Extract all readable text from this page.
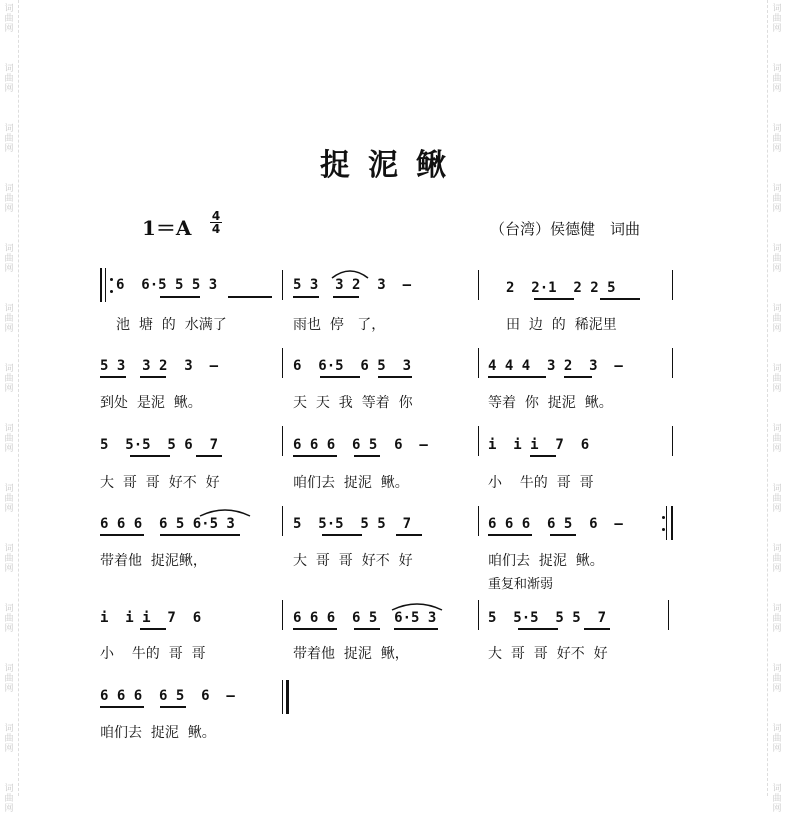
词
曲
网
词
曲
网
词
曲
网
词
曲
网
词
曲
网
词
曲
网
词
曲
网
词
曲
网
词
曲
网
词
曲
网
词
曲
网
词
曲
网
词
曲
网
词
曲
网
词
曲
网
词
曲
网
词
曲
网
词
曲
网
词
曲
网
词
曲
网
词
曲
网
词
曲
网
词
曲
网
词
曲
网
词
曲
网
词
曲
网
词
曲
网
词
曲
网
捉泥鳅
$1=A \frac{4}{4}$	（台湾）侯德健　词曲
6  6·5 5 5 3	5 3  3 2  3  —	2  2·1  2 2 5
池  塘  的  水满了	雨也  停   了，	田  边  的  稀泥里
5 3  3 2  3  —	6  6·5  6 5  3	4 4 4  3 2  3  —
到处  是泥  鳅。	天  天  我  等着  你	等着  你  捉泥  鳅。
5  5·5  5 6  7	6 6 6  6 5  6  —	i  i i  7  6
大  哥  哥  好不  好	咱们去  捉泥  鳅。	小    牛的  哥  哥
6 6 6  6 5 6·5 3	5  5·5  5 5  7	6 6 6  6 5  6  —
带着他  捉泥鳅，	大  哥  哥  好不  好	咱们去  捉泥  鳅。
重复和渐弱
i  i i  7  6	6 6 6  6 5  6·5 3	5  5·5  5 5  7
小    牛的  哥  哥	带着他  捉泥  鳅，	大  哥  哥  好不  好
6 6 6  6 5  6  —
咱们去  捉泥  鳅。
